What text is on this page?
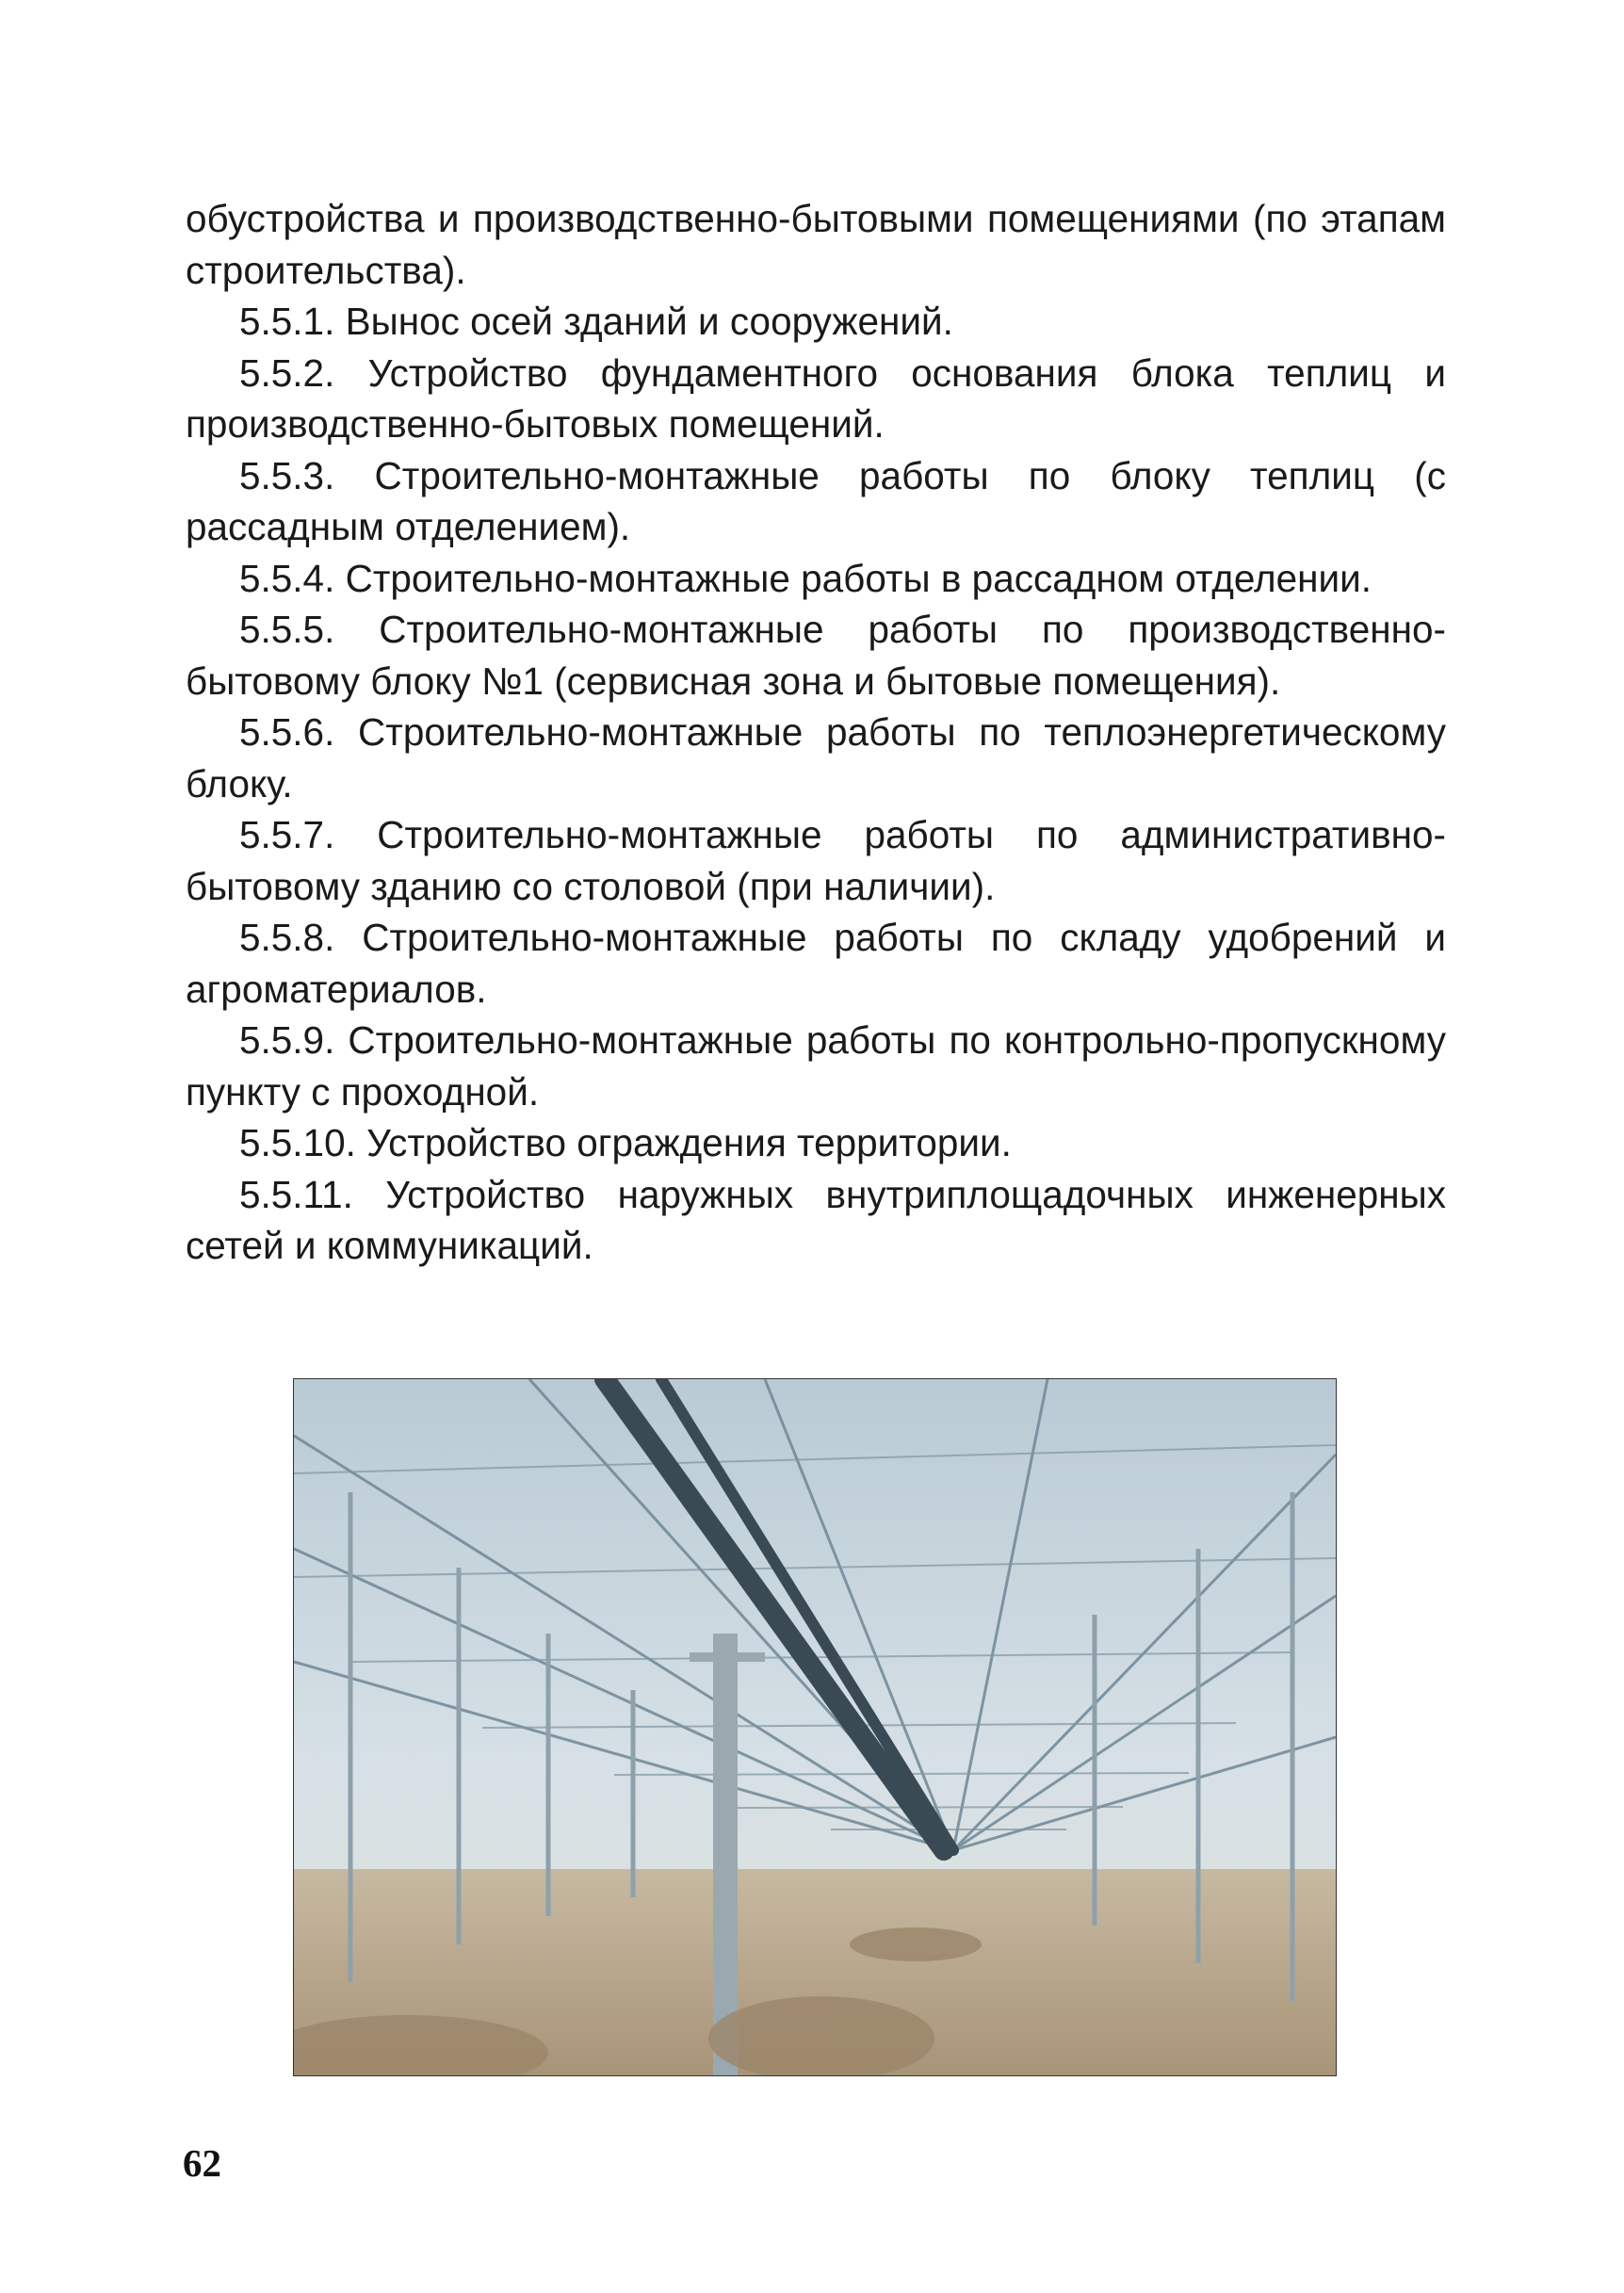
обустройства и производственно-бытовыми помещениями (по этапам строительства).

5.5.1. Вынос осей зданий и сооружений.

5.5.2. Устройство фундаментного основания блока теплиц и производственно-бытовых помещений.

5.5.3. Строительно-монтажные работы по блоку теплиц (с рассадным отделением).

5.5.4. Строительно-монтажные работы в рассадном отделении.

5.5.5. Строительно-монтажные работы по производственно-бытовому блоку №1 (сервисная зона и бытовые помещения).

5.5.6. Строительно-монтажные работы по теплоэнергетическому блоку.

5.5.7. Строительно-монтажные работы по административно-бытовому зданию со столовой (при наличии).

5.5.8. Строительно-монтажные работы по складу удобрений и агроматериалов.

5.5.9. Строительно-монтажные работы по контрольно-пропускному пункту с проходной.

5.5.10. Устройство ограждения территории.

5.5.11. Устройство наружных внутриплощадочных инженерных сетей и коммуникаций.

62
